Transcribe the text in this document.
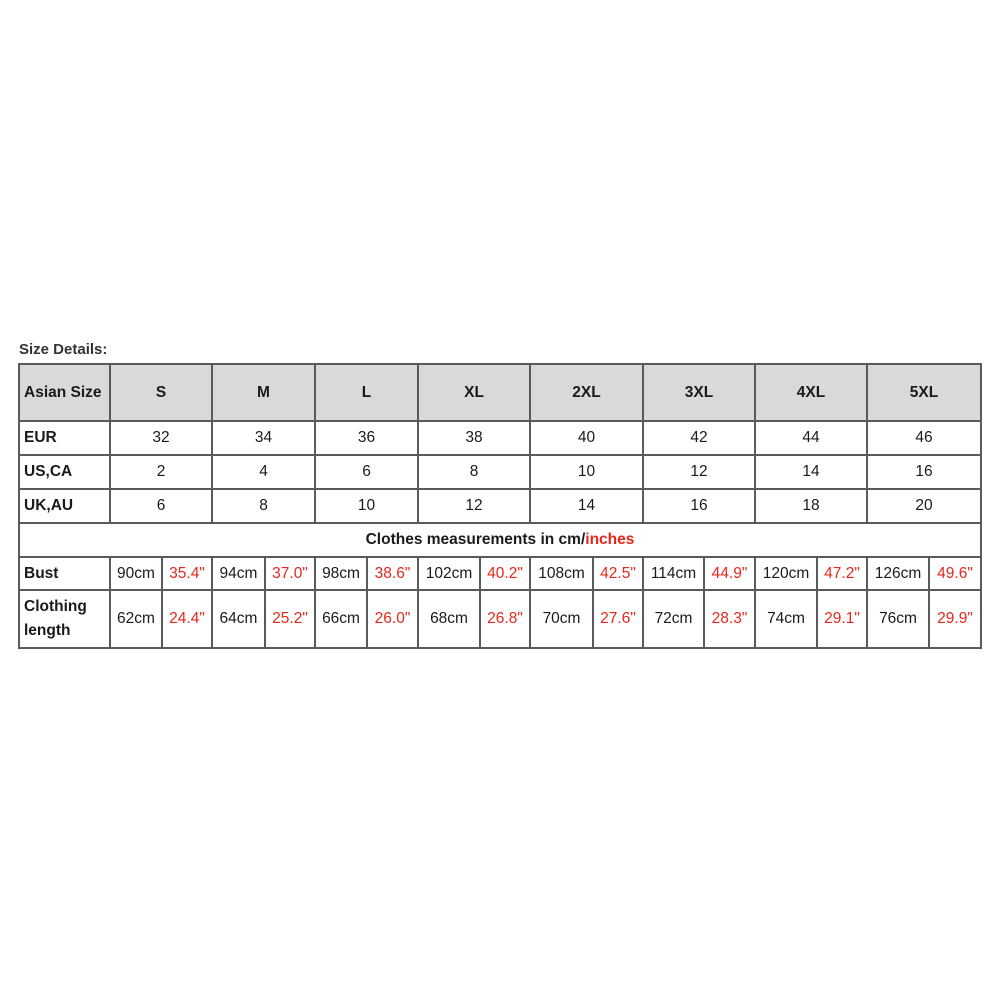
Size Details:
Asian Size	S		M		L		XL		2XL		3XL		4XL		5XL	
EUR	32		34		36		38		40		42		44		46	
US,CA	2		4		6		8		10		12		14		16	
UK,AU	6		8		10		12		14		16		18		20	
Clothes measurements in cm/inches																
Bust	90cm	35.4"	94cm	37.0"	98cm	38.6"	102cm	40.2"	108cm	42.5"	114cm	44.9"	120cm	47.2"	126cm	49.6"
Clothing length	62cm	24.4"	64cm	25.2"	66cm	26.0"	68cm	26.8"	70cm	27.6"	72cm	28.3"	74cm	29.1"	76cm	29.9"
